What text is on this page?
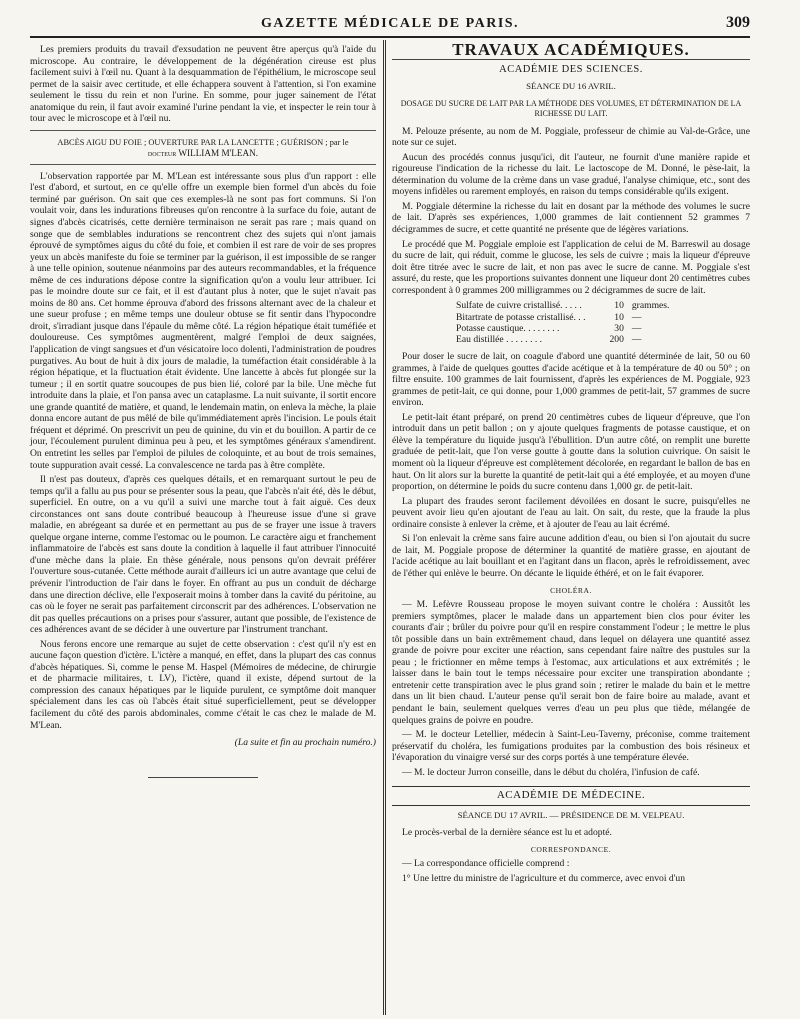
GAZETTE MÉDICALE DE PARIS.	309

Les premiers produits du travail d'exsudation ne peuvent être aperçus qu'à l'aide du microscope. Au contraire, le développement de la dégénération cireuse est plus facilement suivi à l'œil nu. Quant à la desquammation de l'épithélium, le microscope seul permet de la saisir avec certitude, et elle échappera souvent à l'attention, si l'on examine seulement le tissu du rein et non l'urine. En somme, pour juger sainement de l'état anatomique du rein, il faut avoir examiné l'urine pendant la vie, et inspecter le rein tour à tour avec le microscope et à l'œil nu.

ABCÈS AIGU DU FOIE ; OUVERTURE PAR LA LANCETTE ; GUÉRISON ; par le
docteur WILLIAM M'LEAN.

L'observation rapportée par M. M'Lean est intéressante sous plus d'un rapport : elle l'est d'abord, et surtout, en ce qu'elle offre un exemple bien formel d'un abcès du foie terminé par guérison. On sait que ces exemples-là ne sont pas fort communs. Si l'on voulait voir, dans les indurations fibreuses qu'on rencontre à la surface du foie, autant de signes d'abcès cicatrisés, cette dernière terminaison ne serait pas rare ; mais quand on songe que de semblables indurations se rencontrent chez des sujets qui n'ont jamais éprouvé de symptômes aigus du côté du foie, et combien il est rare de voir de ses propres yeux un abcès manifeste du foie se terminer par la guérison, il est impossible de se ranger à une telle opinion, soutenue néanmoins par des auteurs recommandables, et la fréquence même de ces indurations dépose contre la signification qu'on a voulu leur attribuer. Ici pas le moindre doute sur ce fait, et il est d'autant plus à noter, que le sujet n'avait pas moins de 80 ans. Cet homme éprouva d'abord des frissons alternant avec de la chaleur et une sueur profuse ; en même temps une douleur obtuse se fit sentir dans l'hypocondre droit, s'irradiant jusque dans l'épaule du même côté. La région hépatique était tuméfiée et douloureuse. Ces symptômes augmentèrent, malgré l'emploi de deux saignées, l'application de vingt sangsues et d'un vésicatoire loco dolenti, l'administration de poudres purgatives. Au bout de huit à dix jours de maladie, la tuméfaction était considérable à la région hépatique, et la fluctuation était évidente. Une lancette à abcès fut plongée sur la tumeur ; il en sortit quatre soucoupes de pus bien lié, coloré par la bile. Une mèche fut introduite dans la plaie, et l'on pansa avec un cataplasme. La nuit suivante, il sortit encore une grande quantité de matière, et quand, le lendemain matin, on enleva la mèche, la plaie donna encore autant de pus mêlé de bile qu'immédiatement après l'incision. Le pouls était fréquent et déprimé. On prescrivit un peu de quinine, du vin et du bouillon. A partir de ce jour, l'écoulement purulent diminua peu à peu, et les symptômes généraux s'amendirent. On entretint les selles par l'emploi de pilules de coloquinte, et au bout de trois semaines, toute suppuration avait cessé. La convalescence ne tarda pas à être complète.

Il n'est pas douteux, d'après ces quelques détails, et en remarquant surtout le peu de temps qu'il a fallu au pus pour se présenter sous la peau, que l'abcès n'ait été, dès le début, superficiel. En outre, on a vu qu'il a suivi une marche tout à fait aiguë. Ces deux circonstances ont sans doute contribué beaucoup à l'heureuse issue d'une si grave maladie, en abrégeant sa durée et en permettant au pus de se frayer une issue à travers quelque organe interne, comme l'estomac ou le poumon. Le caractère aigu et franchement inflammatoire de l'abcès est sans doute la condition à laquelle il faut attribuer l'innocuité d'une mèche dans la plaie. En thèse générale, nous pensons qu'on devrait préférer l'ouverture sous-cutanée. Cette méthode aurait d'ailleurs ici un autre avantage que celui de prévenir l'introduction de l'air dans le foyer. En offrant au pus un conduit de décharge dans une direction déclive, elle l'exposerait moins à tomber dans la cavité du péritoine, au cas où le foyer ne serait pas parfaitement circonscrit par des adhérences. L'observation ne dit pas quelles précautions on a prises pour s'assurer, autant que possible, de l'existence de ces adhérences avant de se décider à une ouverture par l'instrument tranchant.

Nous ferons encore une remarque au sujet de cette observation : c'est qu'il n'y est en aucune façon question d'ictère. L'ictère a manqué, en effet, dans la plupart des cas connus d'abcès hépatiques. Si, comme le pense M. Haspel (Mémoires de médecine, de chirurgie et de pharmacie militaires, t. LV), l'ictère, quand il existe, dépend surtout de la compression des canaux hépatiques par le liquide purulent, ce symptôme doit manquer spécialement dans les cas où l'abcès était situé superficiellement, peut se développer facilement du côté des parois abdominales, comme c'était le cas chez le malade de M. M'Lean.

(La suite et fin au prochain numéro.)

TRAVAUX ACADÉMIQUES.
ACADÉMIE DES SCIENCES.
SÉANCE DU 16 AVRIL.
DOSAGE DU SUCRE DE LAIT PAR LA MÉTHODE DES VOLUMES, ET DÉTERMINATION DE LA RICHESSE DU LAIT.

M. Pelouze présente, au nom de M. Poggiale, professeur de chimie au Val-de-Grâce, une note sur ce sujet.

Aucun des procédés connus jusqu'ici, dit l'auteur, ne fournit d'une manière rapide et rigoureuse l'indication de la richesse du lait. Le lactoscope de M. Donné, le pèse-lait, la détermination du volume de la crème dans un vase gradué, l'analyse chimique, etc., sont des moyens infidèles ou rarement employés, en raison du temps considérable qu'ils exigent.

M. Poggiale détermine la richesse du lait en dosant par la méthode des volumes le sucre de lait. D'après ses expériences, 1,000 grammes de lait contiennent 52 grammes 7 décigrammes de sucre, et cette quantité ne présente que de légères variations.

Le procédé que M. Poggiale emploie est l'application de celui de M. Barreswil au dosage du sucre de lait, qui réduit, comme le glucose, les sels de cuivre ; mais la liqueur d'épreuve doit être titrée avec le sucre de lait, et non pas avec le sucre de canne. M. Poggiale s'est assuré, du reste, que les proportions suivantes donnent une liqueur dont 20 centimètres cubes correspondent à 0 grammes 200 milligrammes ou 2 décigrammes de sucre de lait.

Sulfate de cuivre cristallisé. . . . .	10	grammes.
Bitartrate de potasse cristallisé. . .	10	—
Potasse caustique. . . . . . . .	30	—
Eau distillée . . . . . . . .	200	—

Pour doser le sucre de lait, on coagule d'abord une quantité déterminée de lait, 50 ou 60 grammes, à l'aide de quelques gouttes d'acide acétique et à la température de 40 ou 50° ; on filtre ensuite. 100 grammes de lait fournissent, d'après les expériences de M. Poggiale, 923 grammes de petit-lait, ce qui donne, pour 1,000 grammes de petit-lait, 57 grammes de sucre environ.

Le petit-lait étant préparé, on prend 20 centimètres cubes de liqueur d'épreuve, que l'on introduit dans un petit ballon ; on y ajoute quelques fragments de potasse caustique, et on élève la température du liquide jusqu'à l'ébullition. D'un autre côté, on remplit une burette graduée de petit-lait, que l'on verse goutte à goutte dans la solution cuivrique. On saisit le moment où la liqueur d'épreuve est complètement décolorée, en regardant le ballon de bas en haut. On lit alors sur la burette la quantité de petit-lait qui a été employée, et au moyen d'une proportion, on détermine le poids du sucre contenu dans 1,000 gr. de petit-lait.

La plupart des fraudes seront facilement dévoilées en dosant le sucre, puisqu'elles ne peuvent avoir lieu qu'en ajoutant de l'eau au lait. On sait, du reste, que la fraude la plus ordinaire consiste à enlever la crème, et à ajouter de l'eau au lait écrémé.

Si l'on enlevait la crème sans faire aucune addition d'eau, ou bien si l'on ajoutait du sucre de lait, M. Poggiale propose de déterminer la quantité de matière grasse, en ajoutant de l'acide acétique au lait bouillant et en l'agitant dans un flacon, après le refroidissement, avec de l'éther qui enlève le beurre. On décante le liquide éthéré, et on le fait évaporer.

CHOLÉRA.

— M. Lefèvre Rousseau propose le moyen suivant contre le choléra : Aussitôt les premiers symptômes, placer le malade dans un appartement bien clos pour éviter les courants d'air ; brûler du poivre pour qu'il en respire constamment l'odeur ; le mettre le plus tôt possible dans un bain extrêmement chaud, dans lequel on délayera une quantité assez grande de poivre pour exciter une réaction, sans cependant faire naître des pustules sur la peau ; le frictionner en même temps à l'estomac, aux articulations et aux extrémités ; le laisser dans le bain tout le temps nécessaire pour exciter une transpiration abondante ; entretenir cette transpiration avec le plus grand soin ; retirer le malade du bain et le mettre dans un lit bien chaud. L'auteur pense qu'il serait bon de faire boire au malade, avant et pendant le bain, seulement quelques verres d'eau un peu plus que tiède, mélangée de quelques grains de poivre en poudre.

— M. le docteur Letellier, médecin à Saint-Leu-Taverny, préconise, comme traitement préservatif du choléra, les fumigations produites par la combustion des bois résineux et l'évaporation du vinaigre versé sur des corps portés à une température élevée.

— M. le docteur Jurron conseille, dans le début du choléra, l'infusion de café.

ACADÉMIE DE MÉDECINE.
SÉANCE DU 17 AVRIL. — PRÉSIDENCE DE M. VELPEAU.

Le procès-verbal de la dernière séance est lu et adopté.

CORRESPONDANCE.

— La correspondance officielle comprend :

1° Une lettre du ministre de l'agriculture et du commerce, avec envoi d'un
